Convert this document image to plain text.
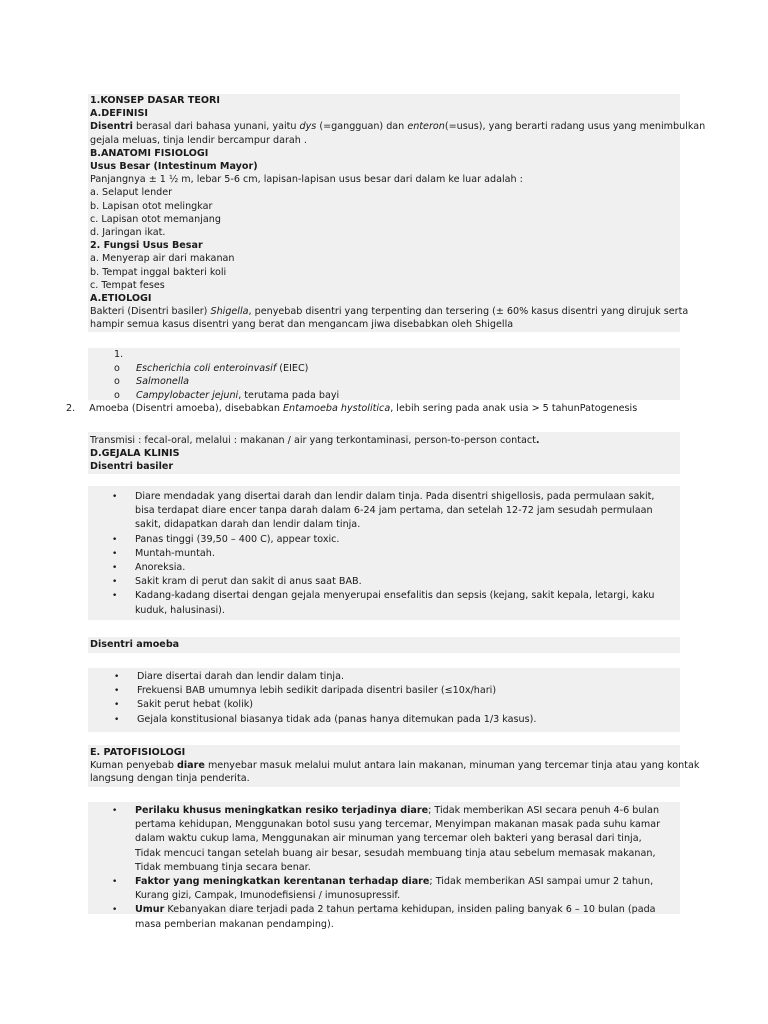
1.KONSEP DASAR TEORI
A.DEFINISI
Disentri berasal dari bahasa yunani, yaitu dys (=gangguan) dan enteron(=usus), yang berarti radang usus yang menimbulkan
gejala meluas, tinja lendir bercampur darah .
B.ANATOMI FISIOLOGI
Usus Besar (Intestinum Mayor)
Panjangnya ± 1 ½ m, lebar 5-6 cm, lapisan-lapisan usus besar dari dalam ke luar adalah :
a. Selaput lender
b. Lapisan otot melingkar
c. Lapisan otot memanjang
d. Jaringan ikat.
2. Fungsi Usus Besar
a. Menyerap air dari makanan
b. Tempat inggal bakteri koli
c. Tempat feses
A.ETIOLOGI
Bakteri (Disentri basiler) Shigella, penyebab disentri yang terpenting dan tersering (± 60% kasus disentri yang dirujuk serta
hampir semua kasus disentri yang berat dan mengancam jiwa disebabkan oleh Shigella
1.
o Escherichia coli enteroinvasif (EIEC)
o Salmonella
o Campylobacter jejuni, terutama pada bayi
2. Amoeba (Disentri amoeba), disebabkan Entamoeba hystolitica, lebih sering pada anak usia > 5 tahunPatogenesis
Transmisi : fecal-oral, melalui : makanan / air yang terkontaminasi, person-to-person contact.
D.GEJALA KLINIS
Disentri basiler
• Diare mendadak yang disertai darah dan lendir dalam tinja. Pada disentri shigellosis, pada permulaan sakit, bisa terdapat diare encer tanpa darah dalam 6-24 jam pertama, dan setelah 12-72 jam sesudah permulaan sakit, didapatkan darah dan lendir dalam tinja.
• Panas tinggi (39,50 – 400 C), appear toxic.
• Muntah-muntah.
• Anoreksia.
• Sakit kram di perut dan sakit di anus saat BAB.
• Kadang-kadang disertai dengan gejala menyerupai ensefalitis dan sepsis (kejang, sakit kepala, letargi, kaku kuduk, halusinasi).
Disentri amoeba
• Diare disertai darah dan lendir dalam tinja.
• Frekuensi BAB umumnya lebih sedikit daripada disentri basiler (≤10x/hari)
• Sakit perut hebat (kolik)
• Gejala konstitusional biasanya tidak ada (panas hanya ditemukan pada 1/3 kasus).
E. PATOFISIOLOGI
Kuman penyebab diare menyebar masuk melalui mulut antara lain makanan, minuman yang tercemar tinja atau yang kontak
langsung dengan tinja penderita.
• Perilaku khusus meningkatkan resiko terjadinya diare; Tidak memberikan ASI secara penuh 4-6 bulan pertama kehidupan, Menggunakan botol susu yang tercemar, Menyimpan makanan masak pada suhu kamar dalam waktu cukup lama, Menggunakan air minuman yang tercemar oleh bakteri yang berasal dari tinja, Tidak mencuci tangan setelah buang air besar, sesudah membuang tinja atau sebelum memasak makanan, Tidak membuang tinja secara benar.
• Faktor yang meningkatkan kerentanan terhadap diare; Tidak memberikan ASI sampai umur 2 tahun, Kurang gizi, Campak, Imunodefisiensi / imunosupressif.
• Umur Kebanyakan diare terjadi pada 2 tahun pertama kehidupan, insiden paling banyak 6 – 10 bulan (pada masa pemberian makanan pendamping).
